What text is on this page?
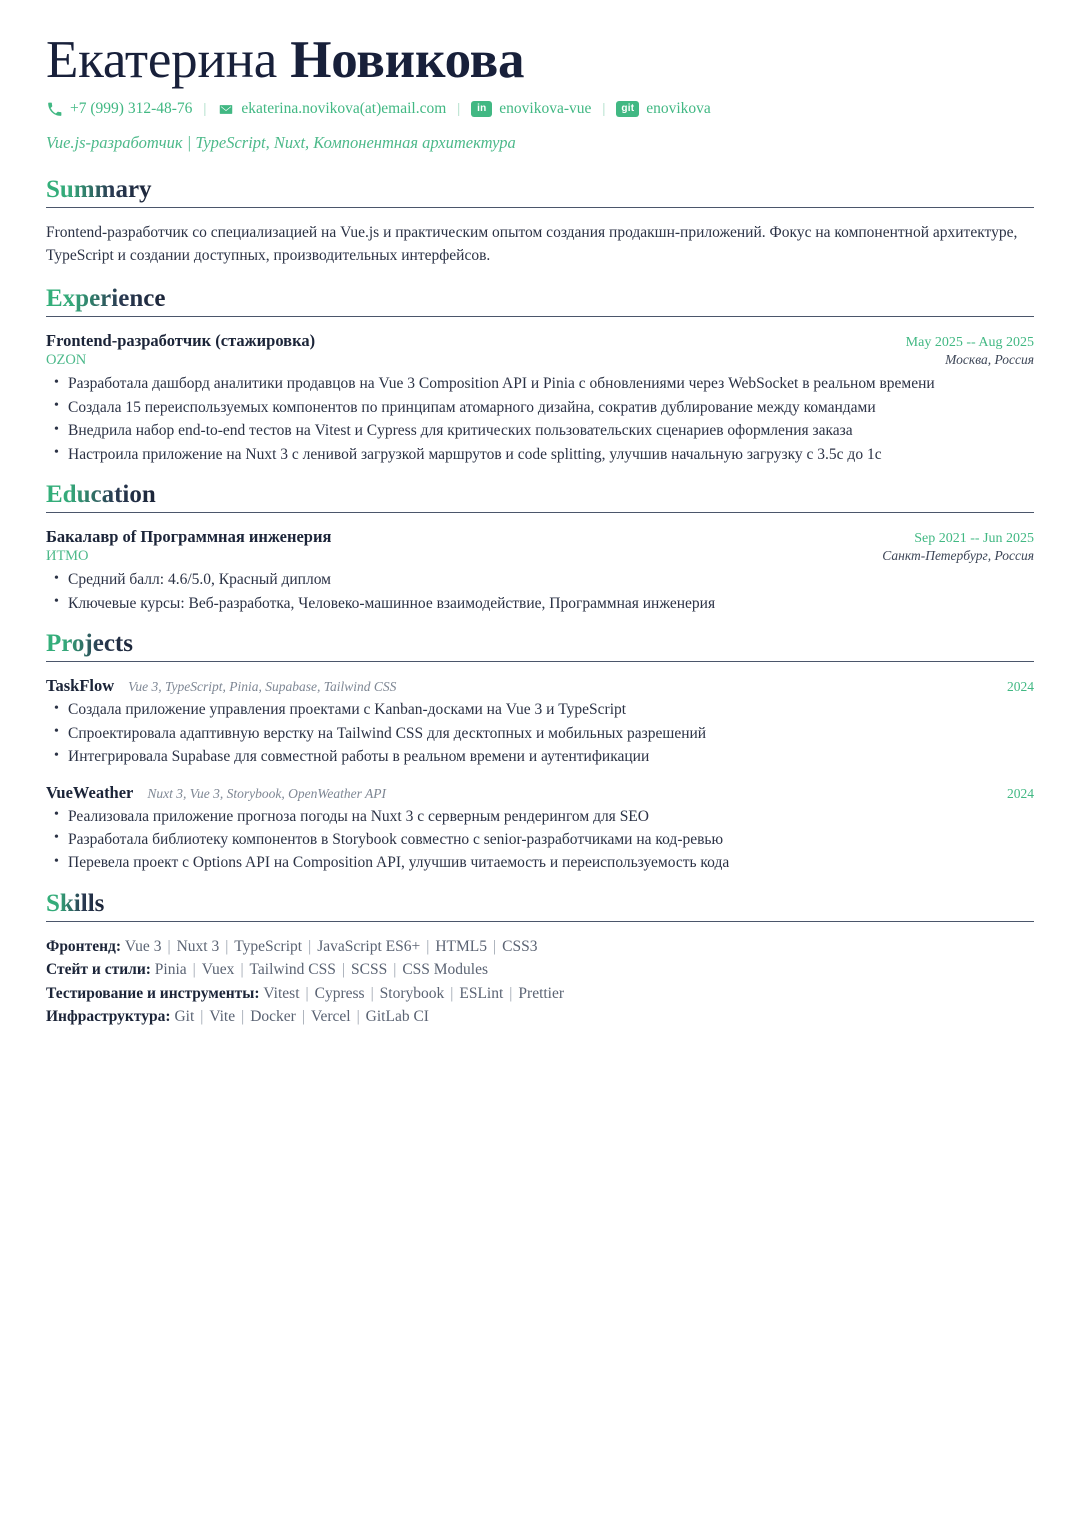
Екатерина Новикова
+7 (999) 312-48-76 |	ekaterina.novikova(at)email.com |	in enovikova-vue |	git enovikova
Vue.js-разработчик | TypeScript, Nuxt, Компонентная архитектура
Summary

Frontend-разработчик со специализацией на Vue.js и практическим опытом создания продакшн-приложений. Фокус на компонентной архитектуре, TypeScript и создании доступных, производительных интерфейсов.

Experience
Frontend-разработчик (стажировка)	May 2025 -- Aug 2025
OZON	Москва, Россия
• Разработала дашборд аналитики продавцов на Vue 3 Composition API и Pinia с обновлениями через WebSocket в реальном времени
• Создала 15 переиспользуемых компонентов по принципам атомарного дизайна, сократив дублирование между командами
• Внедрила набор end-to-end тестов на Vitest и Cypress для критических пользовательских сценариев оформления заказа
• Настроила приложение на Nuxt 3 с ленивой загрузкой маршрутов и code splitting, улучшив начальную загрузку с 3.5с до 1с
Education
Бакалавр of Программная инженерия	Sep 2021 -- Jun 2025
ИТМО	Санкт-Петербург, Россия
• Средний балл: 4.6/5.0, Красный диплом
• Ключевые курсы: Веб-разработка, Человеко-машинное взаимодействие, Программная инженерия
Projects
TaskFlow Vue 3, TypeScript, Pinia, Supabase, Tailwind CSS	2024
• Создала приложение управления проектами с Kanban-досками на Vue 3 и TypeScript
• Спроектировала адаптивную верстку на Tailwind CSS для десктопных и мобильных разрешений
• Интегрировала Supabase для совместной работы в реальном времени и аутентификации
VueWeather Nuxt 3, Vue 3, Storybook, OpenWeather API	2024
• Реализовала приложение прогноза погоды на Nuxt 3 с серверным рендерингом для SEO
• Разработала библиотеку компонентов в Storybook совместно с senior-разработчиками на код-ревью
• Перевела проект с Options API на Composition API, улучшив читаемость и переиспользуемость кода
Skills
Фронтенд: Vue 3 | Nuxt 3 | TypeScript | JavaScript ES6+ | HTML5 | CSS3
Стейт и стили: Pinia | Vuex | Tailwind CSS | SCSS | CSS Modules
Тестирование и инструменты: Vitest | Cypress | Storybook | ESLint | Prettier
Инфраструктура: Git | Vite | Docker | Vercel | GitLab CI
